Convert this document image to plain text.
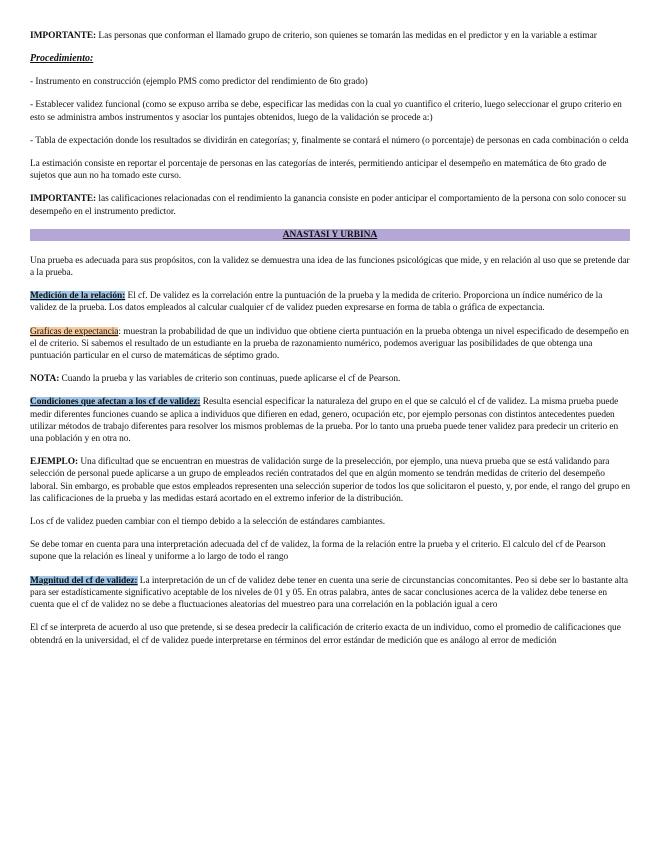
IMPORTANTE: Las personas que conforman el llamado grupo de criterio, son quienes se tomarán las medidas en el predictor y en la variable a estimar

Procedimiento:

- Instrumento en construcción (ejemplo PMS como predictor del rendimiento de 6to grado)

- Establecer validez funcional (como se expuso arriba se debe, especificar las medidas con la cual yo cuantifico el criterio, luego seleccionar el grupo criterio en esto se administra ambos instrumentos y asociar los puntajes obtenidos, luego de la validación se procede a:)

- Tabla de expectación donde los resultados se dividirán en categorías; y, finalmente se contará el número (o porcentaje) de personas en cada combinación o celda

La estimación consiste en reportar el porcentaje de personas en las categorías de interés, permitiendo anticipar el desempeño en matemática de 6to grado de sujetos que aun no ha tomado este curso.

IMPORTANTE: las calificaciones relacionadas con el rendimiento la ganancia consiste en poder anticipar el comportamiento de la persona con solo conocer su desempeño en el instrumento predictor.

ANASTASI Y URBINA

Una prueba es adecuada para sus propósitos, con la validez se demuestra una idea de las funciones psicológicas que mide, y en relación al uso que se pretende dar a la prueba.

Medición de la relación: El cf. De validez es la correlación entre la puntuación de la prueba y la medida de criterio. Proporciona un índice numérico de la validez de la prueba. Los datos empleados al calcular cualquier cf de validez pueden expresarse en forma de tabla o gráfica de expectancia.

Graficas de expectancia: muestran la probabilidad de que un individuo que obtiene cierta puntuación en la prueba obtenga un nivel especificado de desempeño en el de criterio. Si sabemos el resultado de un estudiante en la prueba de razonamiento numérico, podemos averiguar las posibilidades de que obtenga una puntuación particular en el curso de matemáticas de séptimo grado.

NOTA: Cuando la prueba y las variables de criterio son continuas, puede aplicarse el cf de Pearson.

Condiciones que afectan a los cf de validez: Resulta esencial especificar la naturaleza del grupo en el que se calculó el cf de validez. La misma prueba puede medir diferentes funciones cuando se aplica a individuos que difieren en edad, genero, ocupación etc, por ejemplo personas con distintos antecedentes pueden utilizar métodos de trabajo diferentes para resolver los mismos problemas de la prueba. Por lo tanto una prueba puede tener validez para predecir un criterio en una población y en otra no.

EJEMPLO: Una dificultad que se encuentran en muestras de validación surge de la preselección, por ejemplo, una nueva prueba que se está validando para selección de personal puede aplicarse a un grupo de empleados recién contratados del que en algún momento se tendrán medidas de criterio del desempeño laboral. Sin embargo, es probable que estos empleados representen una selección superior de todos los que solicitaron el puesto, y, por ende, el rango del grupo en las calificaciones de la prueba y las medidas estará acortado en el extremo inferior de la distribución.

Los cf de validez pueden cambiar con el tiempo debido a la selección de estándares cambiantes.

Se debe tomar en cuenta para una interpretación adecuada del cf de validez, la forma de la relación entre la prueba y el criterio. El calculo del cf de Pearson supone que la relación es lineal y uniforme a lo largo de todo el rango

Magnitud del cf de validez: La interpretación de un cf de validez debe tener en cuenta una serie de circunstancias concomitantes. Peo si debe ser lo bastante alta para ser estadísticamente significativo aceptable de los niveles de 01 y 05. En otras palabra, antes de sacar conclusiones acerca de la validez debe tenerse en cuenta que el cf de validez no se debe a fluctuaciones aleatorias del muestreo para una correlación en la población igual a cero

El cf se interpreta de acuerdo al uso que pretende, si se desea predecir la calificación de criterio exacta de un individuo, como el promedio de calificaciones que obtendrá en la universidad, el cf de validez puede interpretarse en términos del error estándar de medición que es análogo al error de medición
